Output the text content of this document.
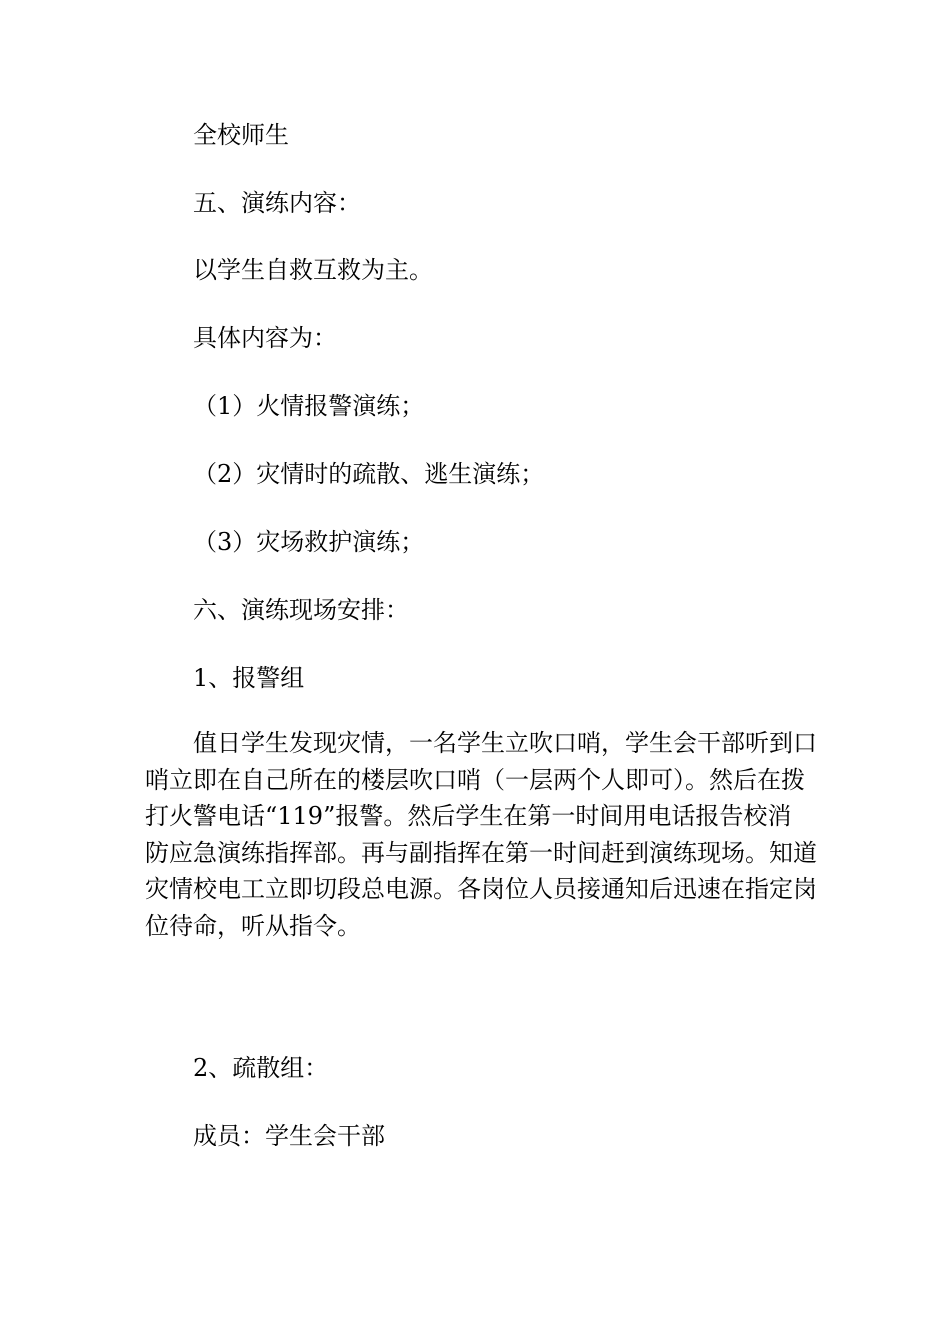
全校师生

五、演练内容：

以学生自救互救为主。

具体内容为：

（1）火情报警演练；

（2）灾情时的疏散、逃生演练；

（3）灾场救护演练；

六、演练现场安排：

1、报警组

值日学生发现灾情，一名学生立吹口哨，学生会干部听到口
哨立即在自己所在的楼层吹口哨（一层两个人即可）。然后在拨
打火警电话“119”报警。然后学生在第一时间用电话报告校消
防应急演练指挥部。再与副指挥在第一时间赶到演练现场。知道
灾情校电工立即切段总电源。各岗位人员接通知后迅速在指定岗
位待命，听从指令。

2、疏散组：

成员：学生会干部
